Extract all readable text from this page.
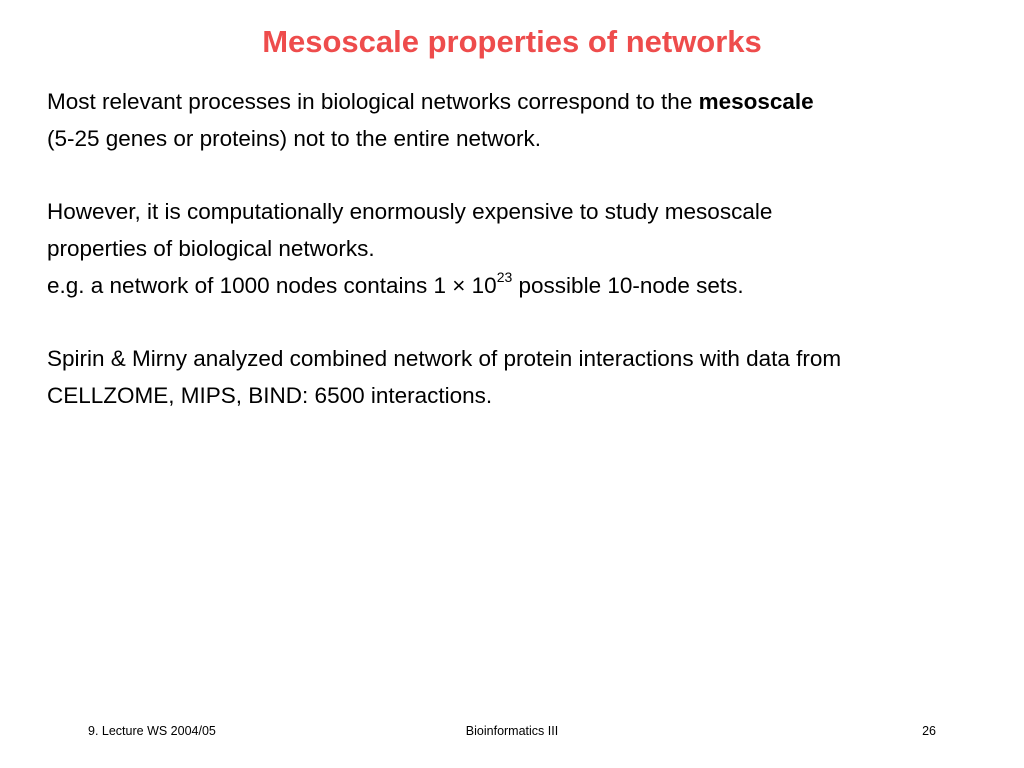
Mesoscale properties of networks

Most relevant processes in biological networks correspond to the mesoscale
(5-25 genes or proteins) not to the entire network.

However, it is computationally enormously expensive to study mesoscale
properties of biological networks.
e.g. a network of 1000 nodes contains $1 \times 10^{23}$ possible 10-node sets.

Spirin & Mirny analyzed combined network of protein interactions with data from
CELLZOME, MIPS, BIND: 6500 interactions.

9. Lecture WS 2004/05	Bioinformatics III	26
